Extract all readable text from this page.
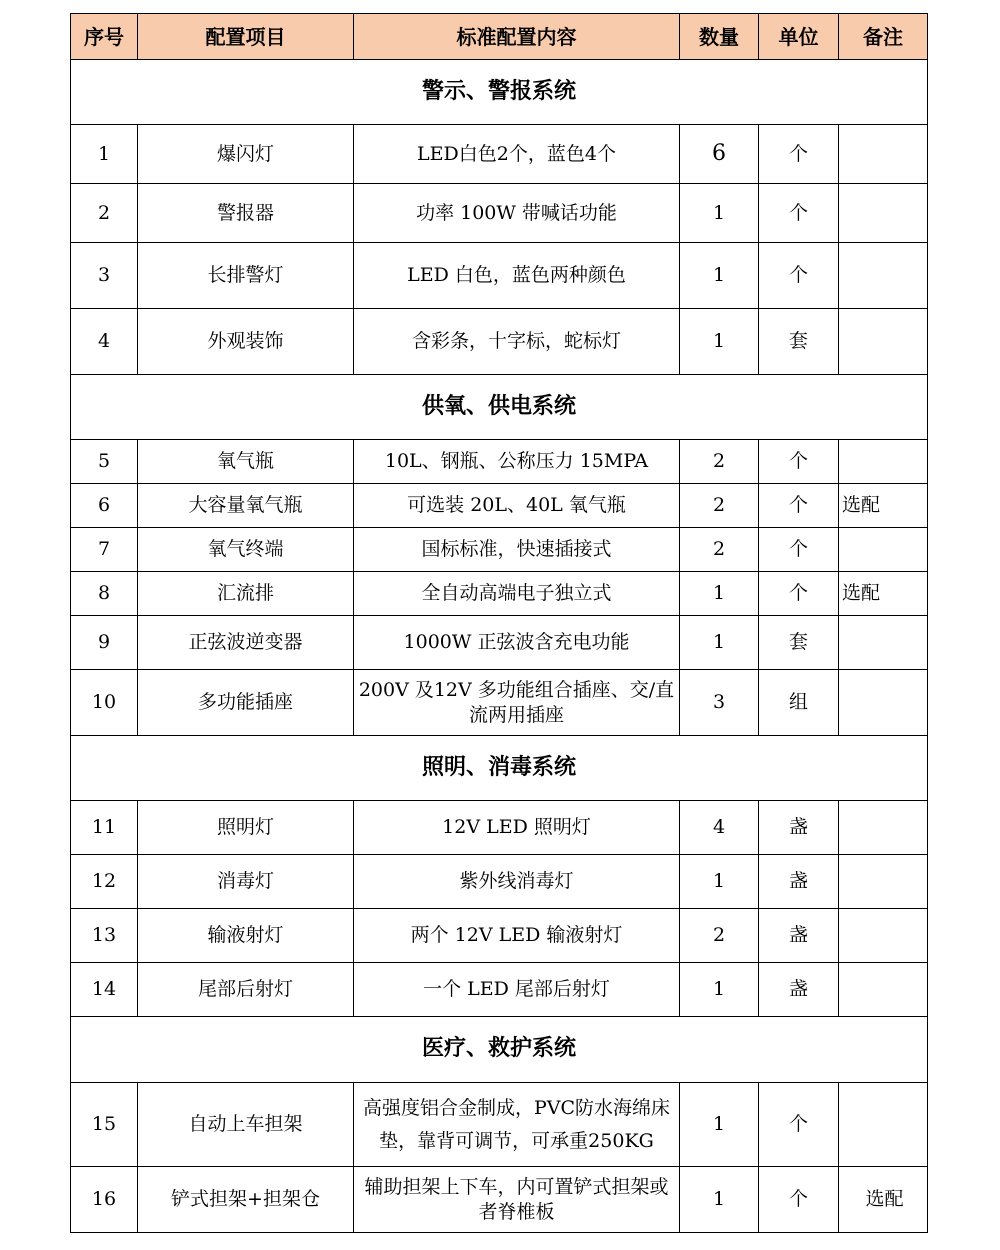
序号	配置项目	标准配置内容	数量	单位	备注
警示、警报系统					
1	爆闪灯	LED白色2个，蓝色4个	6	个	
2	警报器	功率 100W 带喊话功能	1	个	
3	长排警灯	LED 白色，蓝色两种颜色	1	个	
4	外观装饰	含彩条，十字标，蛇标灯	1	套	
供氧、供电系统					
5	氧气瓶	10L、钢瓶、公称压力 15MPA	2	个	
6	大容量氧气瓶	可选装 20L、40L 氧气瓶	2	个	选配
7	氧气终端	国标标准，快速插接式	2	个	
8	汇流排	全自动高端电子独立式	1	个	选配
9	正弦波逆变器	1000W 正弦波含充电功能	1	套	
10	多功能插座	200V 及12V 多功能组合插座、交/直流两用插座	3	组	
照明、消毒系统					
11	照明灯	12V LED 照明灯	4	盏	
12	消毒灯	紫外线消毒灯	1	盏	
13	输液射灯	两个 12V LED 输液射灯	2	盏	
14	尾部后射灯	一个 LED 尾部后射灯	1	盏	
医疗、救护系统					
15	自动上车担架	高强度铝合金制成，PVC防水海绵床垫，靠背可调节，可承重250KG	1	个	
16	铲式担架+担架仓	辅助担架上下车，内可置铲式担架或者脊椎板	1	个	选配
